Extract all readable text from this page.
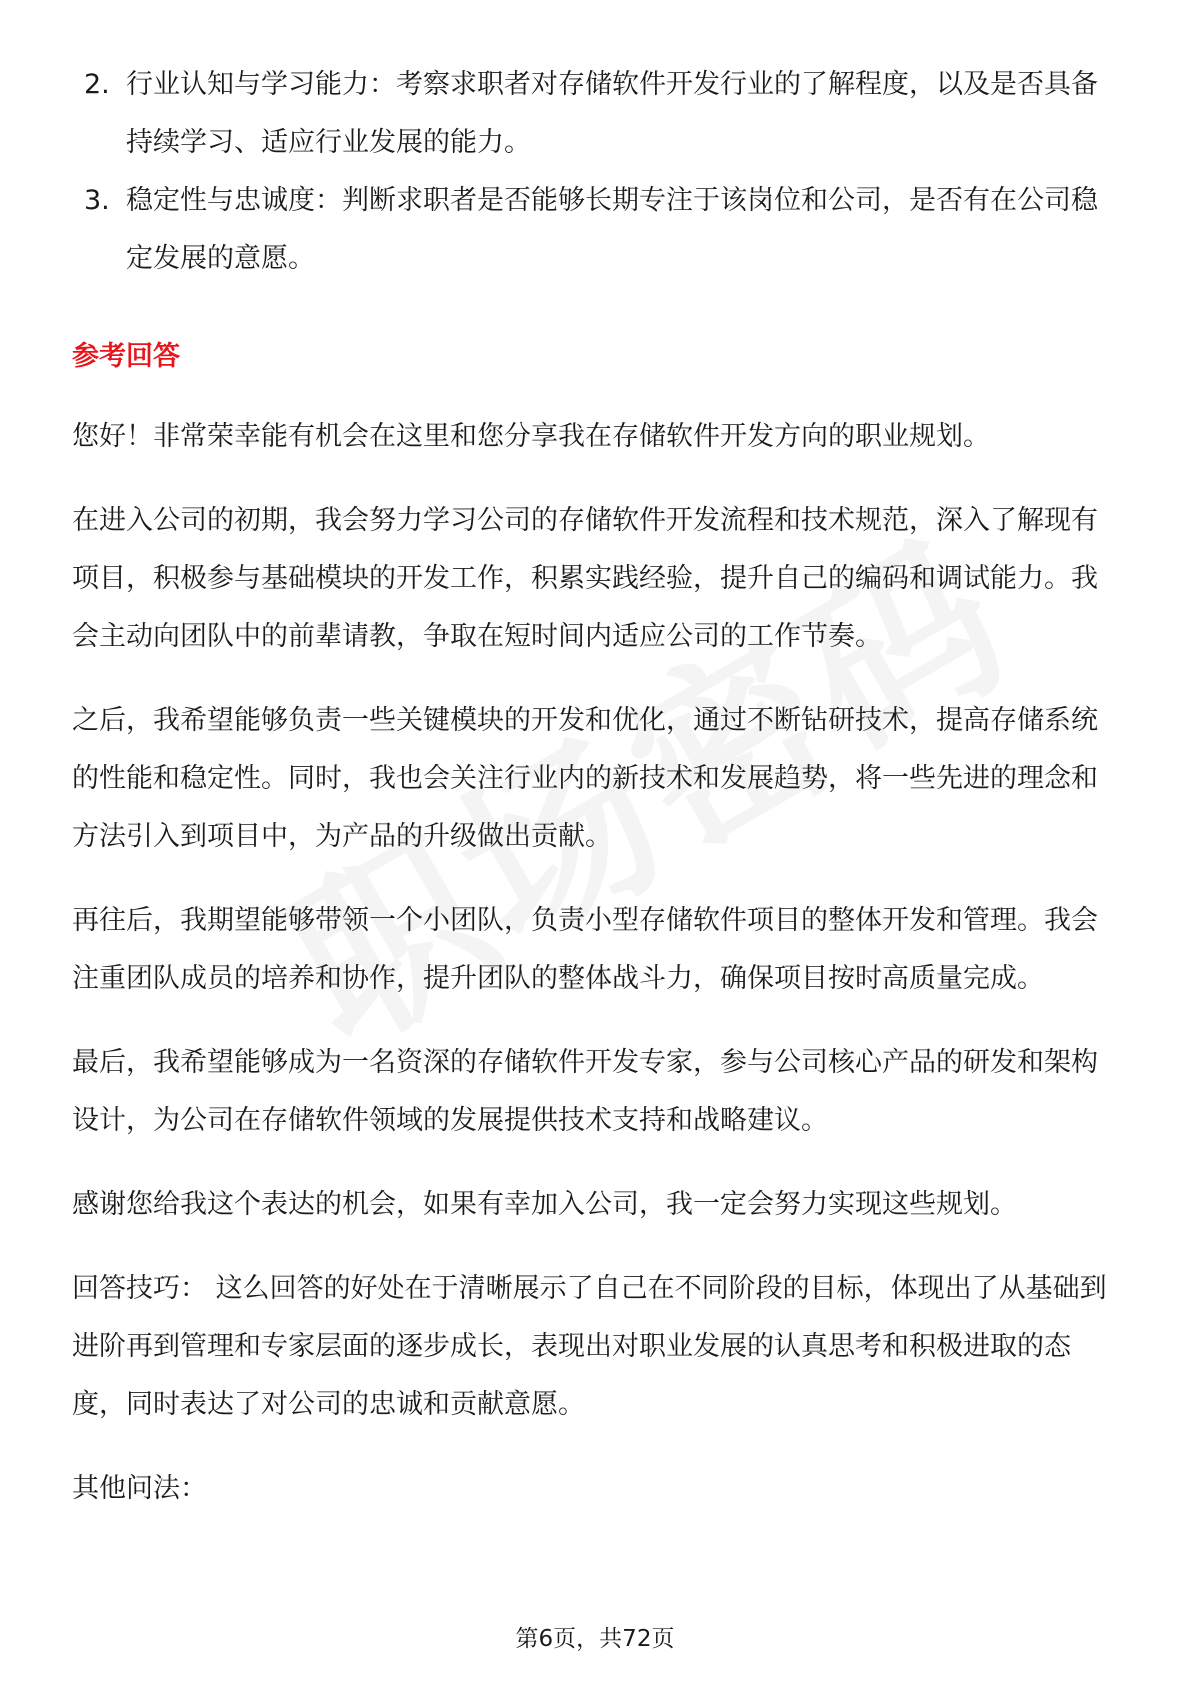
2. 行业认知与学习能力：考察求职者对存储软件开发行业的了解程度，以及是否具备持续学习、适应行业发展的能力。
3. 稳定性与忠诚度：判断求职者是否能够长期专注于该岗位和公司，是否有在公司稳定发展的意愿。
参考回答

您好！非常荣幸能有机会在这里和您分享我在存储软件开发方向的职业规划。

在进入公司的初期，我会努力学习公司的存储软件开发流程和技术规范，深入了解现有项目，积极参与基础模块的开发工作，积累实践经验，提升自己的编码和调试能力。我会主动向团队中的前辈请教，争取在短时间内适应公司的工作节奏。

之后，我希望能够负责一些关键模块的开发和优化，通过不断钻研技术，提高存储系统的性能和稳定性。同时，我也会关注行业内的新技术和发展趋势，将一些先进的理念和方法引入到项目中，为产品的升级做出贡献。

再往后，我期望能够带领一个小团队，负责小型存储软件项目的整体开发和管理。我会注重团队成员的培养和协作，提升团队的整体战斗力，确保项目按时高质量完成。

最后，我希望能够成为一名资深的存储软件开发专家，参与公司核心产品的研发和架构设计，为公司在存储软件领域的发展提供技术支持和战略建议。

感谢您给我这个表达的机会，如果有幸加入公司，我一定会努力实现这些规划。

回答技巧： 这么回答的好处在于清晰展示了自己在不同阶段的目标，体现出了从基础到进阶再到管理和专家层面的逐步成长，表现出对职业发展的认真思考和积极进取的态度，同时表达了对公司的忠诚和贡献意愿。

其他问法：

第6页，共72页
